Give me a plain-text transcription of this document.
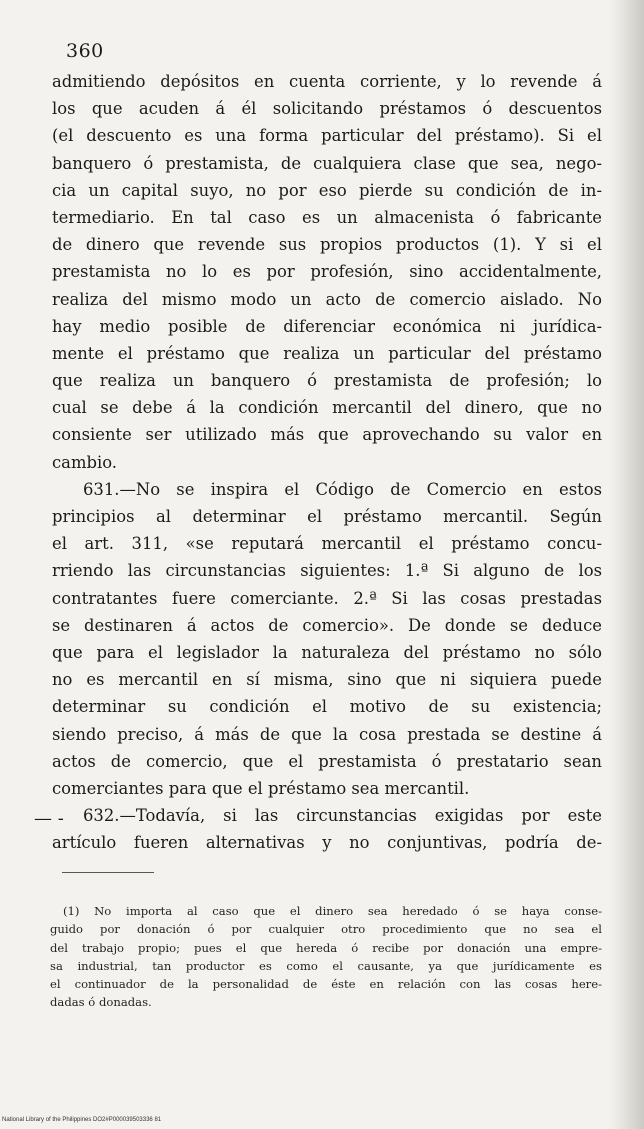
360
— -
admitiendo depósitos en cuenta corriente, y lo revende á
los que acuden á él solicitando préstamos ó descuentos
(el descuento es una forma particular del préstamo). Si el
banquero ó prestamista, de cualquiera clase que sea, nego-
cia un capital suyo, no por eso pierde su condición de in-
termediario. En tal caso es un almacenista ó fabricante
de dinero que revende sus propios productos (1). Y si el
prestamista no lo es por profesión, sino accidentalmente,
realiza del mismo modo un acto de comercio aislado. No
hay medio posible de diferenciar económica ni jurídica-
mente el préstamo que realiza un particular del préstamo
que realiza un banquero ó prestamista de profesión; lo
cual se debe á la condición mercantil del dinero, que no
consiente ser utilizado más que aprovechando su valor en
cambio.
631.—No se inspira el Código de Comercio en estos
principios al determinar el préstamo mercantil. Según
el art. 311, «se reputará mercantil el préstamo concu-
rriendo las circunstancias siguientes: 1.ª Si alguno de los
contratantes fuere comerciante. 2.ª Si las cosas prestadas
se destinaren á actos de comercio». De donde se deduce
que para el legislador la naturaleza del préstamo no sólo
no es mercantil en sí misma, sino que ni siquiera puede
determinar su condición el motivo de su existencia;
siendo preciso, á más de que la cosa prestada se destine á
actos de comercio, que el prestamista ó prestatario sean
comerciantes para que el préstamo sea mercantil.
632.—Todavía, si las circunstancias exigidas por este
artículo fueren alternativas y no conjuntivas, podría de-
(1) No importa al caso que el dinero sea heredado ó se haya conse-
guido por donación ó por cualquier otro procedimiento que no sea el
del trabajo propio; pues el que hereda ó recibe por donación una empre-
sa industrial, tan productor es como el causante, ya que jurídicamente es
el continuador de la personalidad de éste en relación con las cosas here-
dadas ó donadas.
National Library of the Philippines DO2#P000039503336 81
